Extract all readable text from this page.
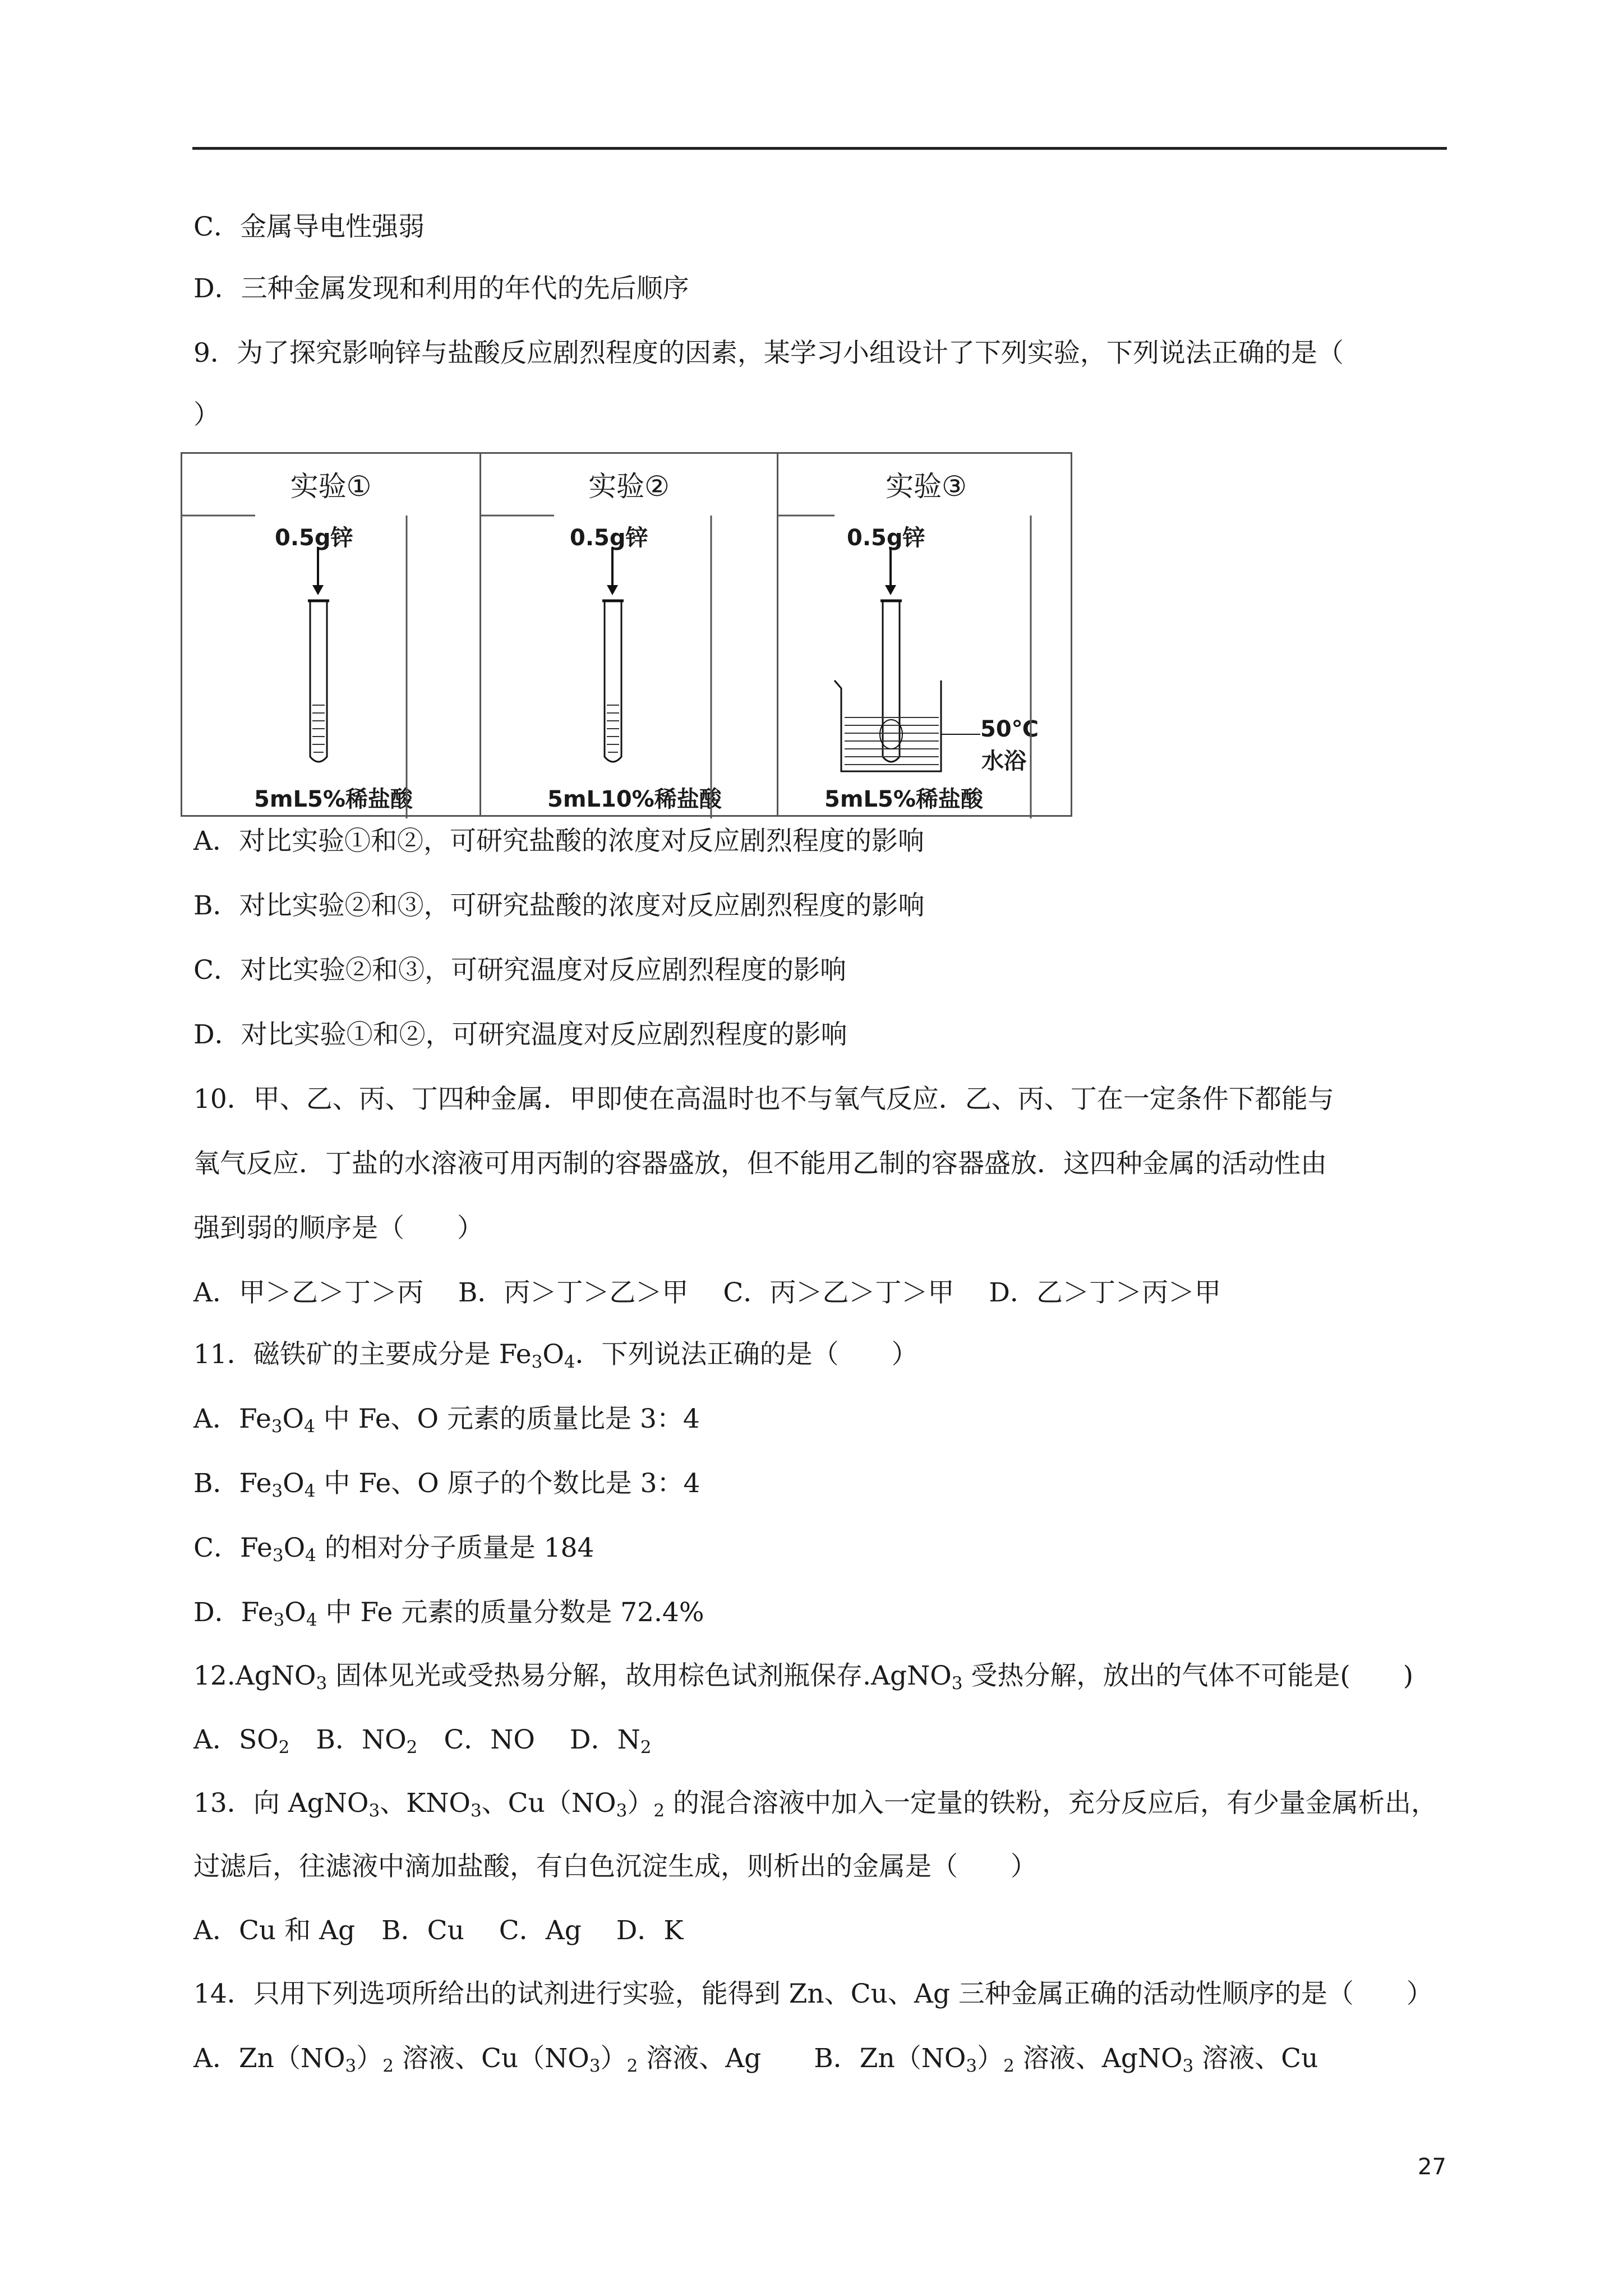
C．金属导电性强弱
D．三种金属发现和利用的年代的先后顺序
9．为了探究影响锌与盐酸反应剧烈程度的因素，某学习小组设计了下列实验，下列说法正确的是（
）
A．对比实验①和②，可研究盐酸的浓度对反应剧烈程度的影响
B．对比实验②和③，可研究盐酸的浓度对反应剧烈程度的影响
C．对比实验②和③，可研究温度对反应剧烈程度的影响
D．对比实验①和②，可研究温度对反应剧烈程度的影响
10．甲、乙、丙、丁四种金属．甲即使在高温时也不与氧气反应．乙、丙、丁在一定条件下都能与
氧气反应．丁盐的水溶液可用丙制的容器盛放，但不能用乙制的容器盛放．这四种金属的活动性由
强到弱的顺序是（　　）
A．甲＞乙＞丁＞丙　 B．丙＞丁＞乙＞甲　 C．丙＞乙＞丁＞甲　 D．乙＞丁＞丙＞甲
11．磁铁矿的主要成分是 $Fe_3O_4$．下列说法正确的是（　　）
A．$Fe_3O_4$ 中 Fe、O 元素的质量比是 3：4
B．$Fe_3O_4$ 中 Fe、O 原子的个数比是 3：4
C．$Fe_3O_4$ 的相对分子质量是 184
D．$Fe_3O_4$ 中 Fe 元素的质量分数是 72.4%
12.AgNO$_3$ 固体见光或受热易分解，故用棕色试剂瓶保存.AgNO$_3$ 受热分解，放出的气体不可能是(　　)
A．$SO_2$　B．$NO_2$　C．NO　 D．$N_2$
13．向 AgNO$_3$、$KNO_3$、$Cu(NO_3)_2$ 的混合溶液中加入一定量的铁粉，充分反应后，有少量金属析出，
过滤后，往滤液中滴加盐酸，有白色沉淀生成，则析出的金属是（　　）
A．Cu 和 Ag　B．Cu　 C．Ag　 D．K
14．只用下列选项所给出的试剂进行实验，能得到 Zn、Cu、Ag 三种金属正确的活动性顺序的是（　　）
A．$Zn(NO_3)_2$ 溶液、$Cu(NO_3)_2$ 溶液、Ag　　B．$Zn(NO_3)_2$ 溶液、AgNO$_3$ 溶液、Cu
实验①
0.5g锌
5mL5%稀盐酸
实验②
0.5g锌
5mL10%稀盐酸
实验③
0.5g锌
5mL5%稀盐酸
50℃
水浴
27
